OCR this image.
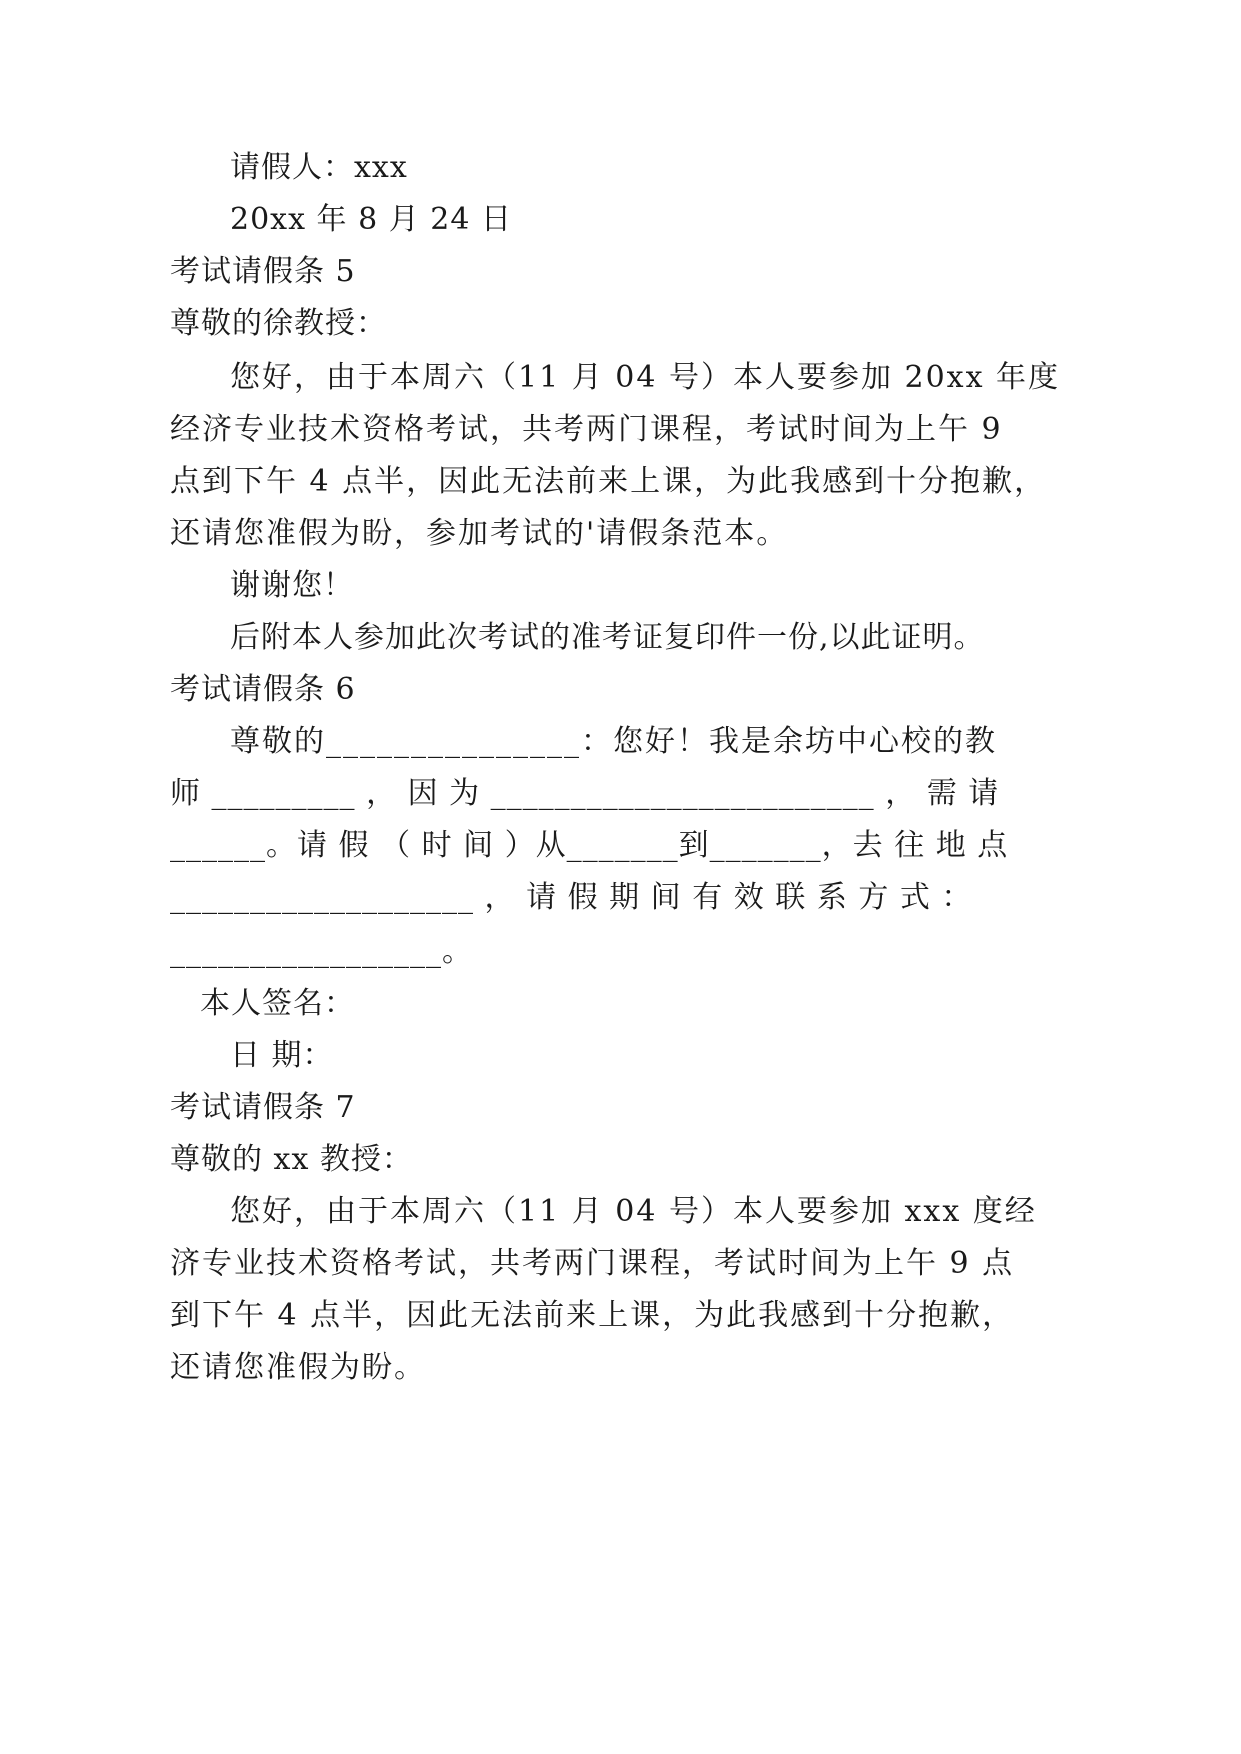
请假人：xxx
20xx 年 8 月 24 日
考试请假条 5
尊敬的徐教授：
您好，由于本周六（11 月 04 号）本人要参加 20xx 年度
经济专业技术资格考试，共考两门课程，考试时间为上午 9
点到下午 4 点半，因此无法前来上课，为此我感到十分抱歉，
还请您准假为盼，参加考试的'请假条范本。
谢谢您！
后附本人参加此次考试的准考证复印件一份,以此证明。
考试请假条 6
尊敬的_______________：您好！我是余坊中心校的教
师 _________ ， 因 为 ________________________ ， 需 请
______。请 假 （ 时 间 ）从_______到_______，去 往 地 点
___________________ ， 请 假 期 间 有 效 联 系 方 式 ：
_________________。
本人签名：
日 期：
考试请假条 7
尊敬的 xx 教授：
您好，由于本周六（11 月 04 号）本人要参加 xxx 度经
济专业技术资格考试，共考两门课程，考试时间为上午 9 点
到下午 4 点半，因此无法前来上课，为此我感到十分抱歉，
还请您准假为盼。
